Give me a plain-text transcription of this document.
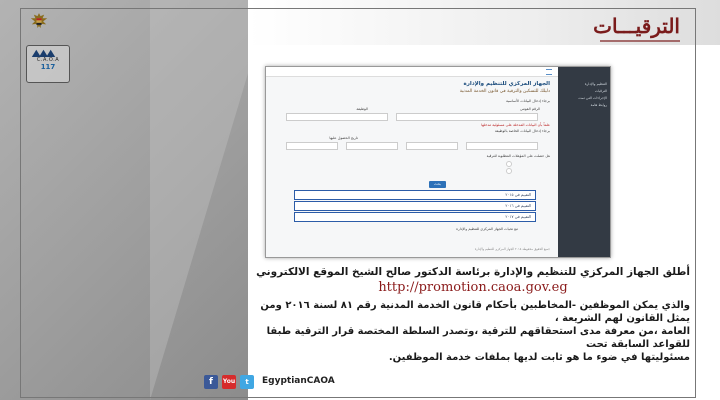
C.A.O.A
117
الترقيـــات
الجهاز المركزي للتنظيم والإدارة
دليلك للتسكين والترقية في قانون الخدمة المدنية
برجاء إدخال البيانات الأساسية
الرقم القومي
الوظيفة
علماً بأن البيانات المدخلة على مسئولية مدخلها
برجاء إدخال البيانات الخاصة بالوظيفة
تاريخ الحصول عليها
هل حصلت على المؤهلات المطلوبة للترقية
بحث
التقييم في ٢٠١٥
التقييم في ٢٠١٦
التقييم في ٢٠١٧
مع تحيات الجهاز المركزي للتنظيم والإدارة
جميع الحقوق محفوظة ٢٠١٨ الجهاز المركزي للتنظيم والإدارة
التنظيم والإدارة
الترقيات
الإجراءات التي تمت
روابط هامة
أطلق الجهاز المركزي للتنظيم والإدارة برئاسة الدكتور صالح الشيخ الموقع الالكتروني
http://promotion.caoa.gov.eg
والذي يمكن الموظفين -المخاطبين بأحكام قانون الخدمة المدنية رقم ٨١ لسنة ٢٠١٦ ومن يمثل القانون لهم الشريعة ،
العامة ،من معرفة مدى استحقاقهم للترقية ،وتصدر السلطة المختصة قرار الترقية طبقا للقواعد السابقة تحت
مسئوليتها في ضوء ما هو ثابت لديها بملفات خدمة الموظفين.
f	You	t	EgyptianCAOA
